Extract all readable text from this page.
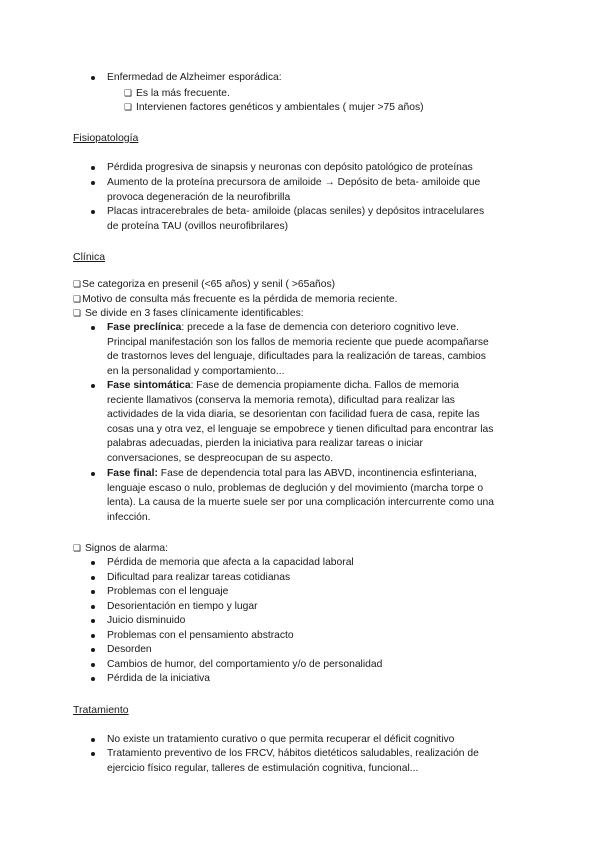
Enfermedad de Alzheimer esporádica:
❏ Es la más frecuente.
❏ Intervienen factores genéticos y ambientales ( mujer >75 años)
Fisiopatología
Pérdida progresiva de sinapsis y neuronas con depósito patológico de proteínas
Aumento de la proteína precursora de amiloide → Depósito de beta- amiloide que
provoca degeneración de la neurofibrilla
Placas intracerebrales de beta- amiloide (placas seniles) y depósitos intracelulares
de proteína TAU (ovillos neurofibrilares)
Clínica
❏Se categoriza en presenil (<65 años) y senil ( >65años)
❏Motivo de consulta más frecuente es la pérdida de memoria reciente.
❏ Se divide en 3 fases clínicamente identificables:
Fase preclínica: precede a la fase de demencia con deterioro cognitivo leve.
Principal manifestación son los fallos de memoria reciente que puede acompañarse
de trastornos leves del lenguaje, dificultades para la realización de tareas, cambios
en la personalidad y comportamiento...
Fase sintomática: Fase de demencia propiamente dicha. Fallos de memoria
reciente llamativos (conserva la memoria remota), dificultad para realizar las
actividades de la vida diaria, se desorientan con facilidad fuera de casa, repite las
cosas una y otra vez, el lenguaje se empobrece y tienen dificultad para encontrar las
palabras adecuadas, pierden la iniciativa para realizar tareas o iniciar
conversaciones, se despreocupan de su aspecto.
Fase final: Fase de dependencia total para las ABVD, incontinencia esfinteriana,
lenguaje escaso o nulo, problemas de deglución y del movimiento (marcha torpe o
lenta). La causa de la muerte suele ser por una complicación intercurrente como una
infección.
❏ Signos de alarma:
Pérdida de memoria que afecta a la capacidad laboral
Dificultad para realizar tareas cotidianas
Problemas con el lenguaje
Desorientación en tiempo y lugar
Juicio disminuido
Problemas con el pensamiento abstracto
Desorden
Cambios de humor, del comportamiento y/o de personalidad
Pérdida de la iniciativa
Tratamiento
No existe un tratamiento curativo o que permita recuperar el déficit cognitivo
Tratamiento preventivo de los FRCV, hábitos dietéticos saludables, realización de
ejercicio físico regular, talleres de estimulación cognitiva, funcional...
